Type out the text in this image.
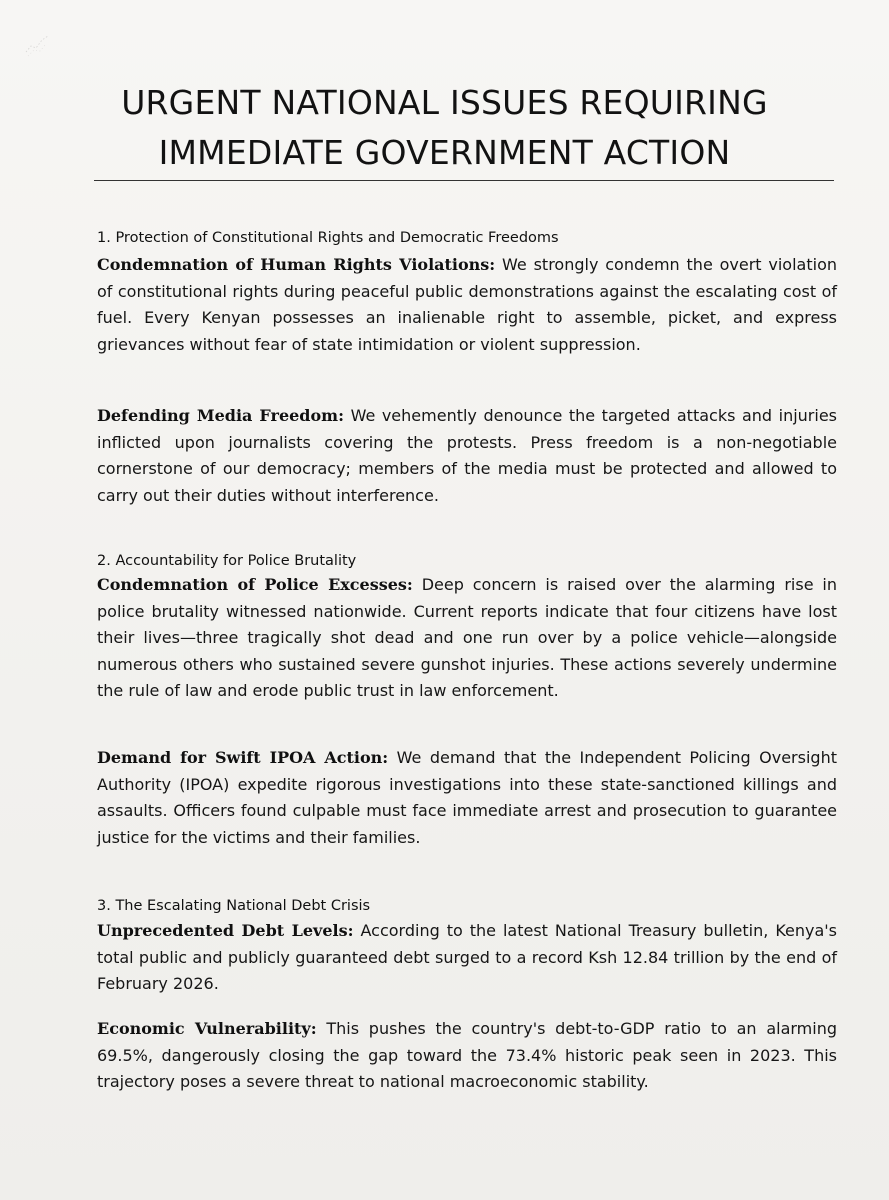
URGENT NATIONAL ISSUES REQUIRING
IMMEDIATE GOVERNMENT ACTION
1. Protection of Constitutional Rights and Democratic Freedoms

Condemnation of Human Rights Violations: We strongly condemn the overt violation of constitutional rights during peaceful public demonstrations against the escalating cost of fuel. Every Kenyan possesses an inalienable right to assemble, picket, and express grievances without fear of state intimidation or violent suppression.

Defending Media Freedom: We vehemently denounce the targeted attacks and injuries inflicted upon journalists covering the protests. Press freedom is a non-negotiable cornerstone of our democracy; members of the media must be protected and allowed to carry out their duties without interference.

2. Accountability for Police Brutality

Condemnation of Police Excesses: Deep concern is raised over the alarming rise in police brutality witnessed nationwide. Current reports indicate that four citizens have lost their lives—three tragically shot dead and one run over by a police vehicle—alongside numerous others who sustained severe gunshot injuries. These actions severely undermine the rule of law and erode public trust in law enforcement.

Demand for Swift IPOA Action: We demand that the Independent Policing Oversight Authority (IPOA) expedite rigorous investigations into these state-sanctioned killings and assaults. Officers found culpable must face immediate arrest and prosecution to guarantee justice for the victims and their families.

3. The Escalating National Debt Crisis

Unprecedented Debt Levels: According to the latest National Treasury bulletin, Kenya's total public and publicly guaranteed debt surged to a record Ksh 12.84 trillion by the end of February 2026.

Economic Vulnerability: This pushes the country's debt-to-GDP ratio to an alarming 69.5%, dangerously closing the gap toward the 73.4% historic peak seen in 2023. This trajectory poses a severe threat to national macroeconomic stability.
